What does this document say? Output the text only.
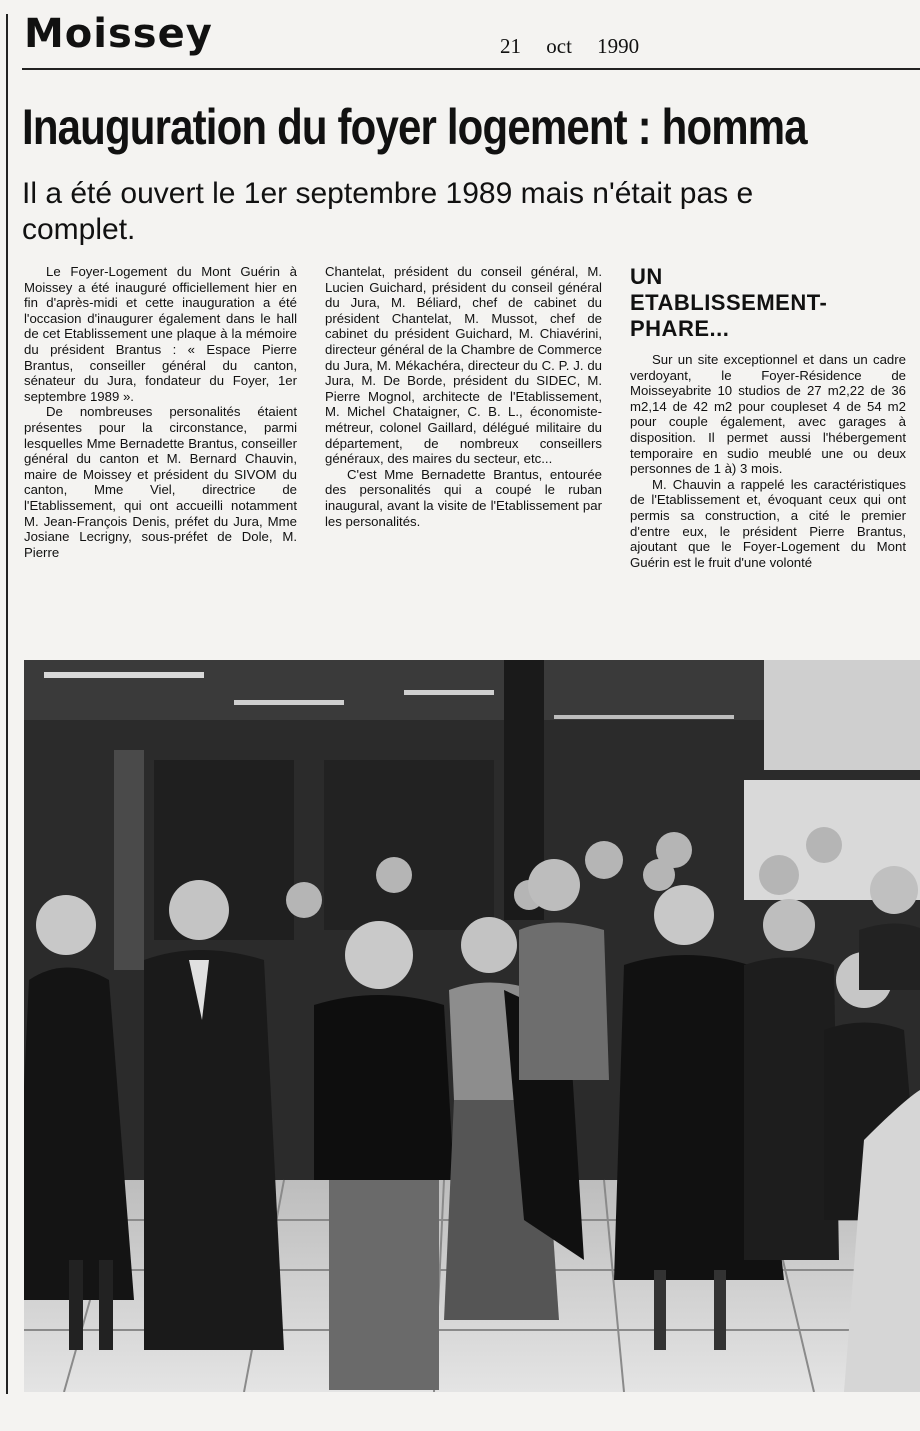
Moissey	21 oct 1990
Inauguration du foyer logement : homma
Il a été ouvert le 1er septembre 1989 mais n'était pas e
complet.

Le Foyer-Logement du Mont Guérin à Moissey a été inauguré officiellement hier en fin d'après-midi et cette inauguration a été l'occasion d'inaugurer également dans le hall de cet Etablissement une plaque à la mémoire du président Brantus : « Espace Pierre Brantus, conseiller général du canton, sénateur du Jura, fondateur du Foyer, 1er septembre 1989 ».

De nombreuses personalités étaient présentes pour la circonstance, parmi lesquelles Mme Bernadette Brantus, conseiller général du canton et M. Bernard Chauvin, maire de Moissey et président du SIVOM du canton, Mme Viel, directrice de l'Etablissement, qui ont accueilli notamment M. Jean-François Denis, préfet du Jura, Mme Josiane Lecrigny, sous-préfet de Dole, M. Pierre

Chantelat, président du conseil général, M. Lucien Guichard, président du conseil général du Jura, M. Béliard, chef de cabinet du président Chantelat, M. Mussot, chef de cabinet du président Guichard, M. Chiavérini, directeur général de la Chambre de Commerce du Jura, M. Mékachéra, directeur du C. P. J. du Jura, M. De Borde, président du SIDEC, M. Pierre Mognol, architecte de l'Etablissement, M. Michel Chataigner, C. B. L., économiste-métreur, colonel Gaillard, délégué militaire du département, de nombreux conseillers généraux, des maires du secteur, etc...

C'est Mme Bernadette Brantus, entourée des personalités qui a coupé le ruban inaugural, avant la visite de l'Etablissement par les personalités.

UN
ETABLISSEMENT-
PHARE...

Sur un site exceptionnel et dans un cadre verdoyant, le Foyer-Résidence de Moisseyabrite 10 studios de 27 m2,22 de 36 m2,14 de 42 m2 pour coupleset 4 de 54 m2 pour couple également, avec garages à disposition. Il permet aussi l'hébergement temporaire en sudio meublé une ou deux personnes de 1 à) 3 mois.

M. Chauvin a rappelé les caractéristiques de l'Etablissement et, évoquant ceux qui ont permis sa construction, a cité le premier d'entre eux, le président Pierre Brantus, ajoutant que le Foyer-Logement du Mont Guérin est le fruit d'une volonté
